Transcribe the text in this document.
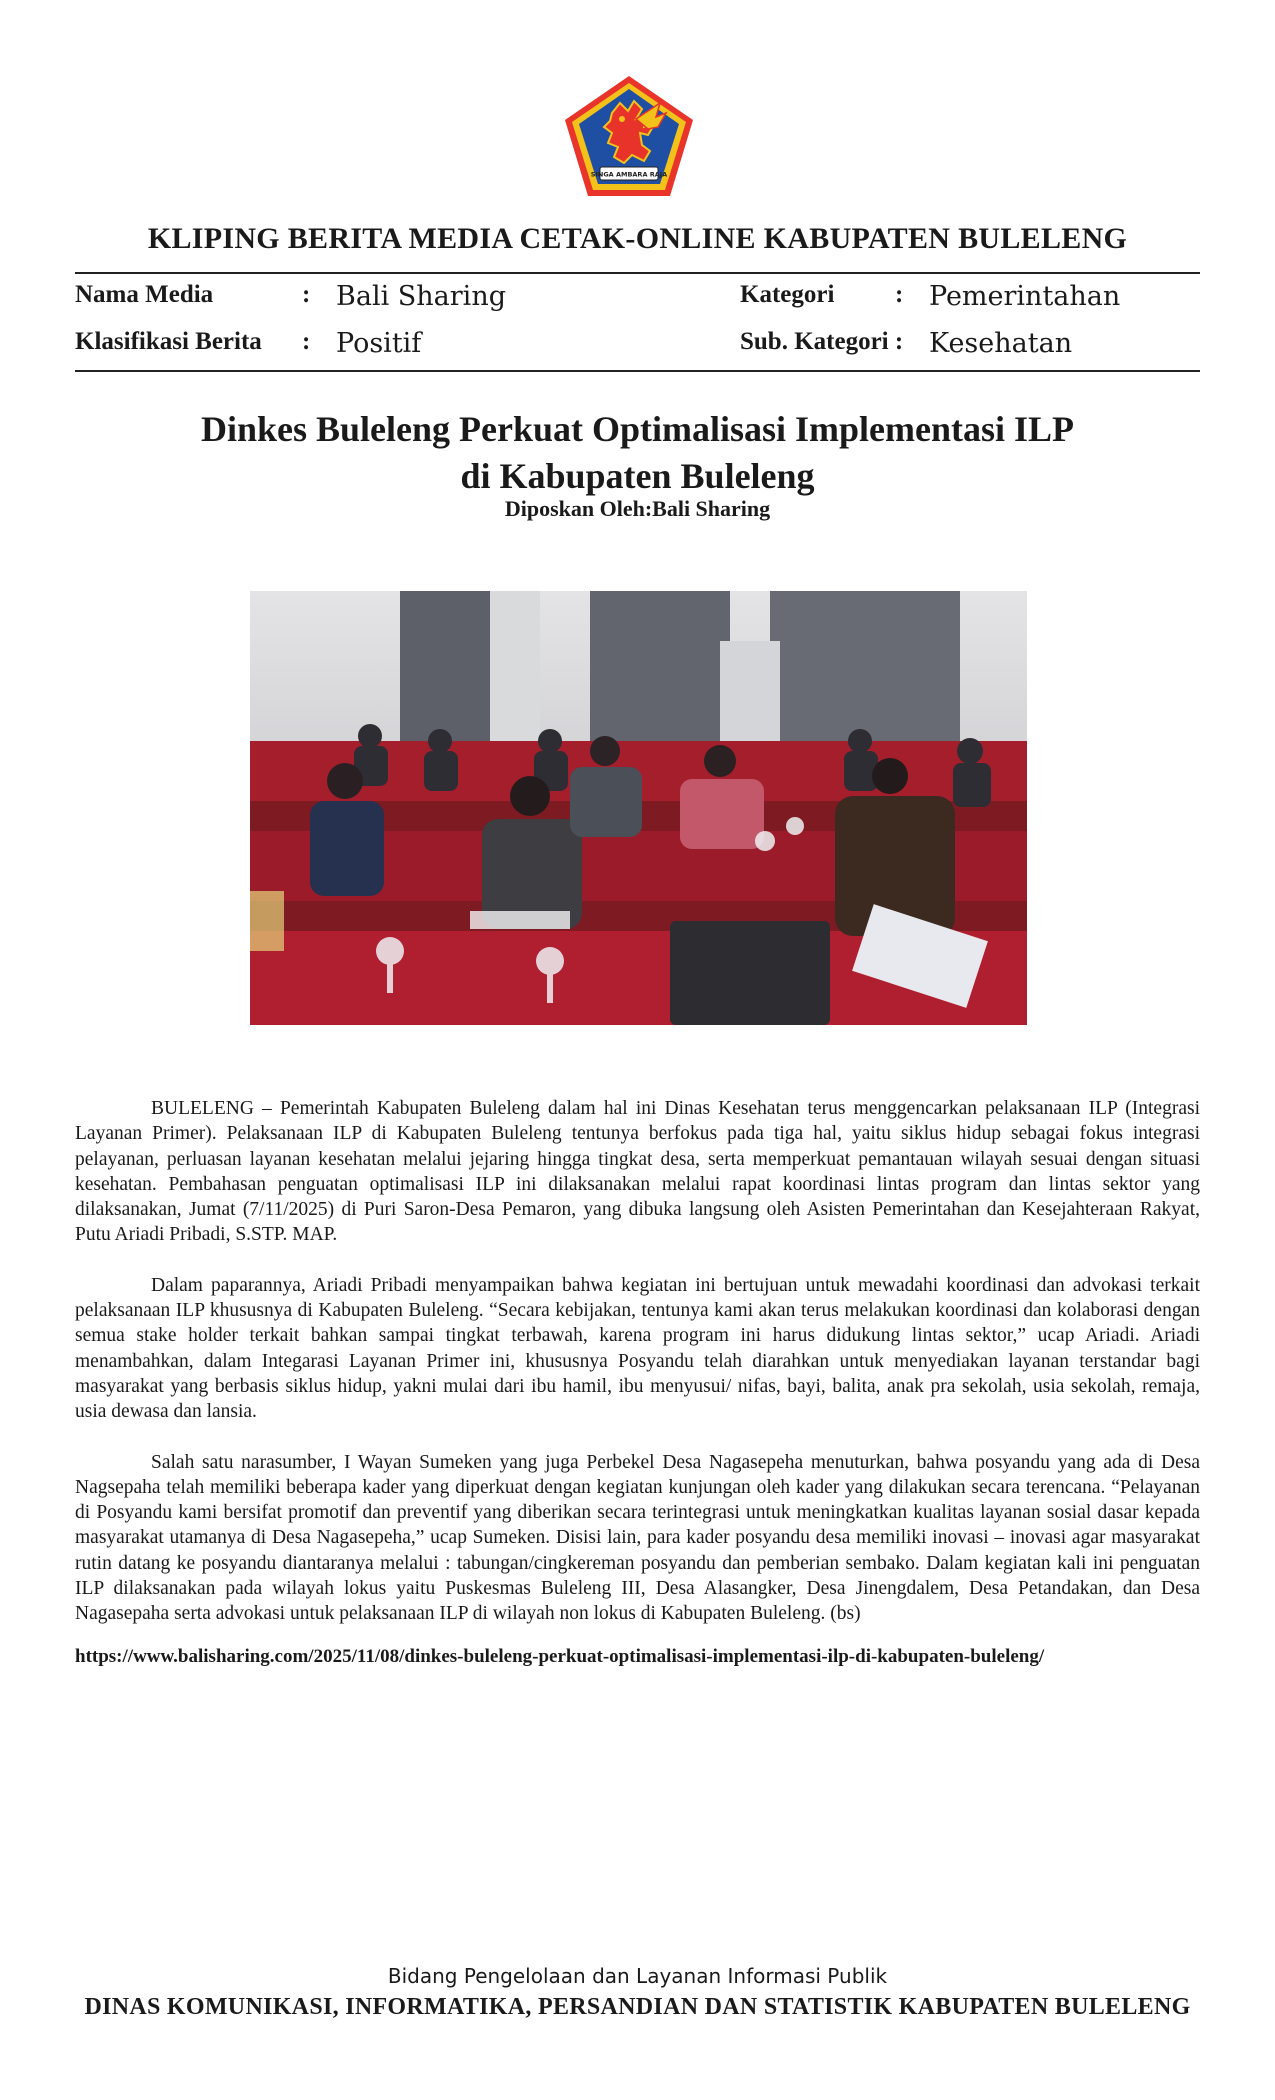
SINGA AMBARA RAJA
KLIPING BERITA MEDIA CETAK-ONLINE KABUPATEN BULELENG
Nama Media	: Bali Sharing	Kategori : Pemerintahan
Klasifikasi Berita : Positif	Sub. Kategori : Kesehatan
Dinkes Buleleng Perkuat Optimalisasi Implementasi ILP
di Kabupaten Buleleng
Diposkan Oleh:Bali Sharing

BULELENG – Pemerintah Kabupaten Buleleng dalam hal ini Dinas Kesehatan terus menggencarkan pelaksanaan ILP (Integrasi Layanan Primer). Pelaksanaan ILP di Kabupaten Buleleng tentunya berfokus pada tiga hal, yaitu siklus hidup sebagai fokus integrasi pelayanan, perluasan layanan kesehatan melalui jejaring hingga tingkat desa, serta memperkuat pemantauan wilayah sesuai dengan situasi kesehatan. Pembahasan penguatan optimalisasi ILP ini dilaksanakan melalui rapat koordinasi lintas program dan lintas sektor yang dilaksanakan, Jumat (7/11/2025) di Puri Saron-Desa Pemaron, yang dibuka langsung oleh Asisten Pemerintahan dan Kesejahteraan Rakyat, Putu Ariadi Pribadi, S.STP. MAP.

Dalam paparannya, Ariadi Pribadi menyampaikan bahwa kegiatan ini bertujuan untuk mewadahi koordinasi dan advokasi terkait pelaksanaan ILP khususnya di Kabupaten Buleleng. “Secara kebijakan, tentunya kami akan terus melakukan koordinasi dan kolaborasi dengan semua stake holder terkait bahkan sampai tingkat terbawah, karena program ini harus didukung lintas sektor,” ucap Ariadi. Ariadi menambahkan, dalam Integarasi Layanan Primer ini, khususnya Posyandu telah diarahkan untuk menyediakan layanan terstandar bagi masyarakat yang berbasis siklus hidup, yakni mulai dari ibu hamil, ibu menyusui/ nifas, bayi, balita, anak pra sekolah, usia sekolah, remaja, usia dewasa dan lansia.

Salah satu narasumber, I Wayan Sumeken yang juga Perbekel Desa Nagasepeha menuturkan, bahwa posyandu yang ada di Desa Nagsepaha telah memiliki beberapa kader yang diperkuat dengan kegiatan kunjungan oleh kader yang dilakukan secara terencana. “Pelayanan di Posyandu kami bersifat promotif dan preventif yang diberikan secara terintegrasi untuk meningkatkan kualitas layanan sosial dasar kepada masyarakat utamanya di Desa Nagasepeha,” ucap Sumeken. Disisi lain, para kader posyandu desa memiliki inovasi – inovasi agar masyarakat rutin datang ke posyandu diantaranya melalui : tabungan/cingkereman posyandu dan pemberian sembako. Dalam kegiatan kali ini penguatan ILP dilaksanakan pada wilayah lokus yaitu Puskesmas Buleleng III, Desa Alasangker, Desa Jinengdalem, Desa Petandakan, dan Desa Nagasepaha serta advokasi untuk pelaksanaan ILP di wilayah non lokus di Kabupaten Buleleng. (bs)

https://www.balisharing.com/2025/11/08/dinkes-buleleng-perkuat-optimalisasi-implementasi-ilp-di-kabupaten-buleleng/
Bidang Pengelolaan dan Layanan Informasi Publik
DINAS KOMUNIKASI, INFORMATIKA, PERSANDIAN DAN STATISTIK KABUPATEN BULELENG
